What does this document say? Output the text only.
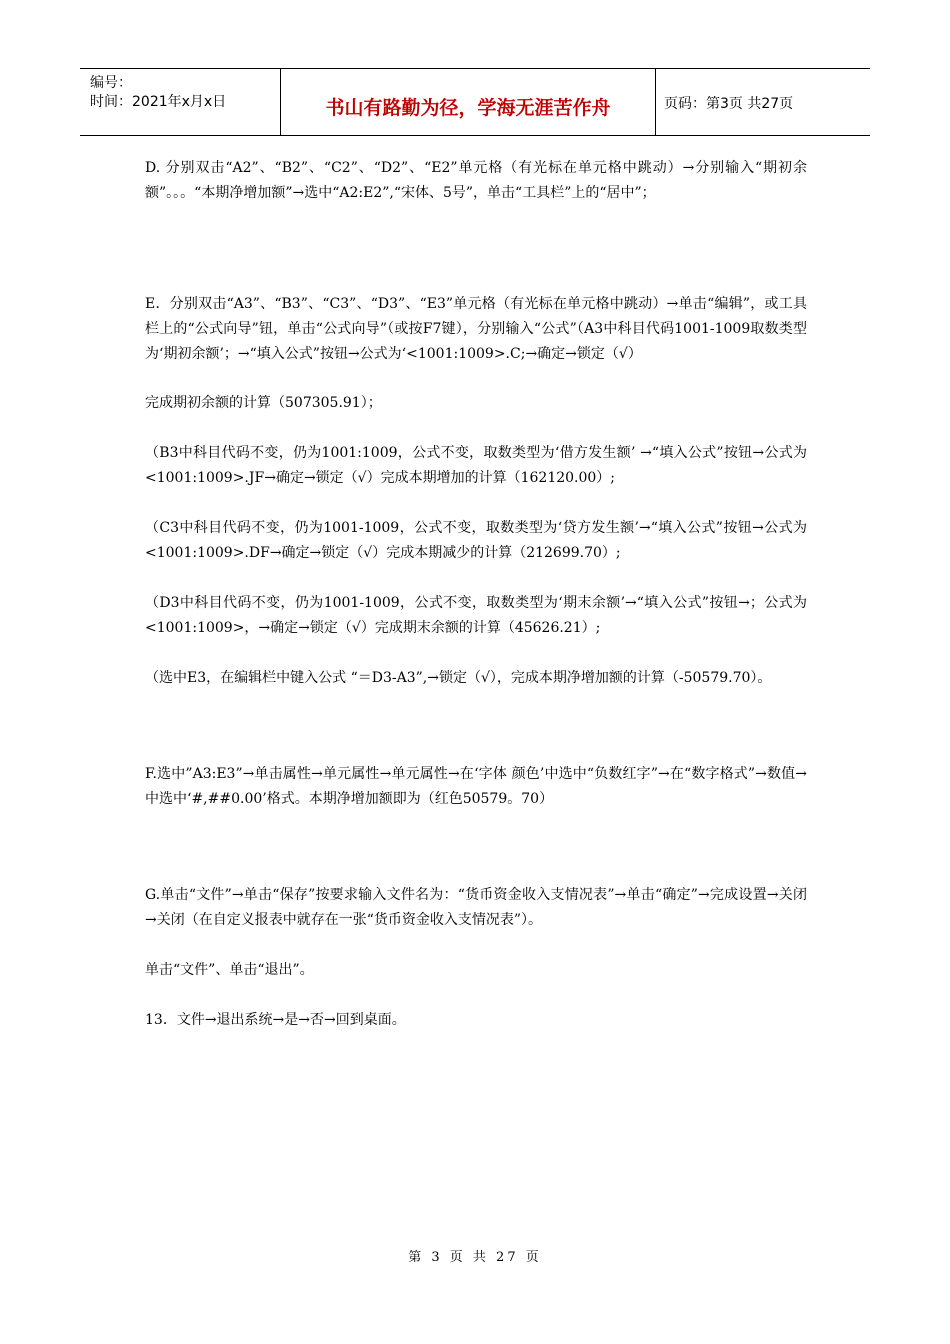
编号：
时间：2021年x月x日	书山有路勤为径，学海无涯苦作舟	页码：第3页 共27页

D. 分别双击“A2”、“B2”、“C2”、“D2”、“E2”单元格（有光标在单元格中跳动）→分别输入“期初余额”。。。“本期净增加额”→选中“A2:E2”,“宋体、5号”，单击“工具栏”上的“居中”；

E．分别双击“A3”、“B3”、“C3”、“D3”、“E3”单元格（有光标在单元格中跳动）→单击“编辑”，或工具栏上的“公式向导”钮，单击“公式向导”（或按F7键），分别输入“公式”（A3中科目代码1001-1009取数类型为‘期初余额’；→“填入公式”按钮→公式为‘<1001:1009>.C;→确定→锁定（√）

完成期初余额的计算（507305.91）；

（B3中科目代码不变，仍为1001:1009，公式不变，取数类型为‘借方发生额’ →“填入公式”按钮→公式为<1001:1009>.JF→确定→锁定（√）完成本期增加的计算（162120.00）;

（C3中科目代码不变，仍为1001-1009，公式不变，取数类型为‘贷方发生额’→“填入公式”按钮→公式为<1001:1009>.DF→确定→锁定（√）完成本期减少的计算（212699.70）;

（D3中科目代码不变，仍为1001-1009，公式不变，取数类型为‘期末余额’→“填入公式”按钮→；公式为<1001:1009>，→确定→锁定（√）完成期末余额的计算（45626.21）;

（选中E3，在编辑栏中键入公式 “＝D3-A3”,→锁定（√），完成本期净增加额的计算（-50579.70）。

F.选中”A3:E3”→单击属性→单元属性→单元属性→在‘字体 颜色’中选中“负数红字”→在“数字格式”→数值→中选中‘#,##0.00’格式。本期净增加额即为（红色50579。70）

G.单击“文件”→单击“保存”按要求输入文件名为：“货币资金收入支情况表”→单击“确定”→完成设置→关闭→关闭（在自定义报表中就存在一张“货币资金收入支情况表”）。

单击“文件”、单击“退出”。

13．文件→退出系统→是→否→回到桌面。

第 3 页 共 27 页
